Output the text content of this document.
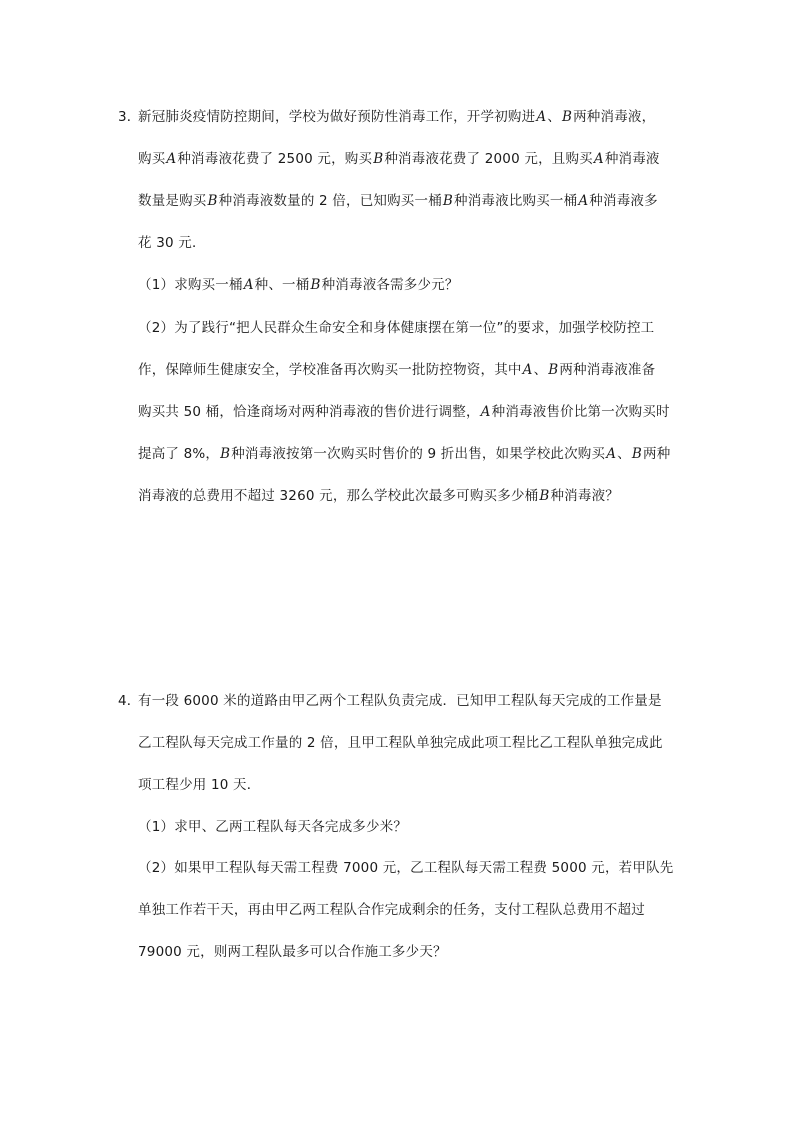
3．新冠肺炎疫情防控期间，学校为做好预防性消毒工作，开学初购进A、B两种消毒液，
购买A种消毒液花费了 2500 元，购买B种消毒液花费了 2000 元，且购买A种消毒液
数量是购买B种消毒液数量的 2 倍，已知购买一桶B种消毒液比购买一桶A种消毒液多
花 30 元．
（1）求购买一桶A种、一桶B种消毒液各需多少元？
（2）为了践行“把人民群众生命安全和身体健康摆在第一位”的要求，加强学校防控工
作，保障师生健康安全，学校准备再次购买一批防控物资，其中A、B两种消毒液准备
购买共 50 桶，恰逢商场对两种消毒液的售价进行调整，A种消毒液售价比第一次购买时
提高了 8%，B种消毒液按第一次购买时售价的 9 折出售，如果学校此次购买A、B两种
消毒液的总费用不超过 3260 元，那么学校此次最多可购买多少桶B种消毒液？
4．有一段 6000 米的道路由甲乙两个工程队负责完成．已知甲工程队每天完成的工作量是
乙工程队每天完成工作量的 2 倍，且甲工程队单独完成此项工程比乙工程队单独完成此
项工程少用 10 天．
（1）求甲、乙两工程队每天各完成多少米？
（2）如果甲工程队每天需工程费 7000 元，乙工程队每天需工程费 5000 元，若甲队先
单独工作若干天，再由甲乙两工程队合作完成剩余的任务，支付工程队总费用不超过
79000 元，则两工程队最多可以合作施工多少天？
